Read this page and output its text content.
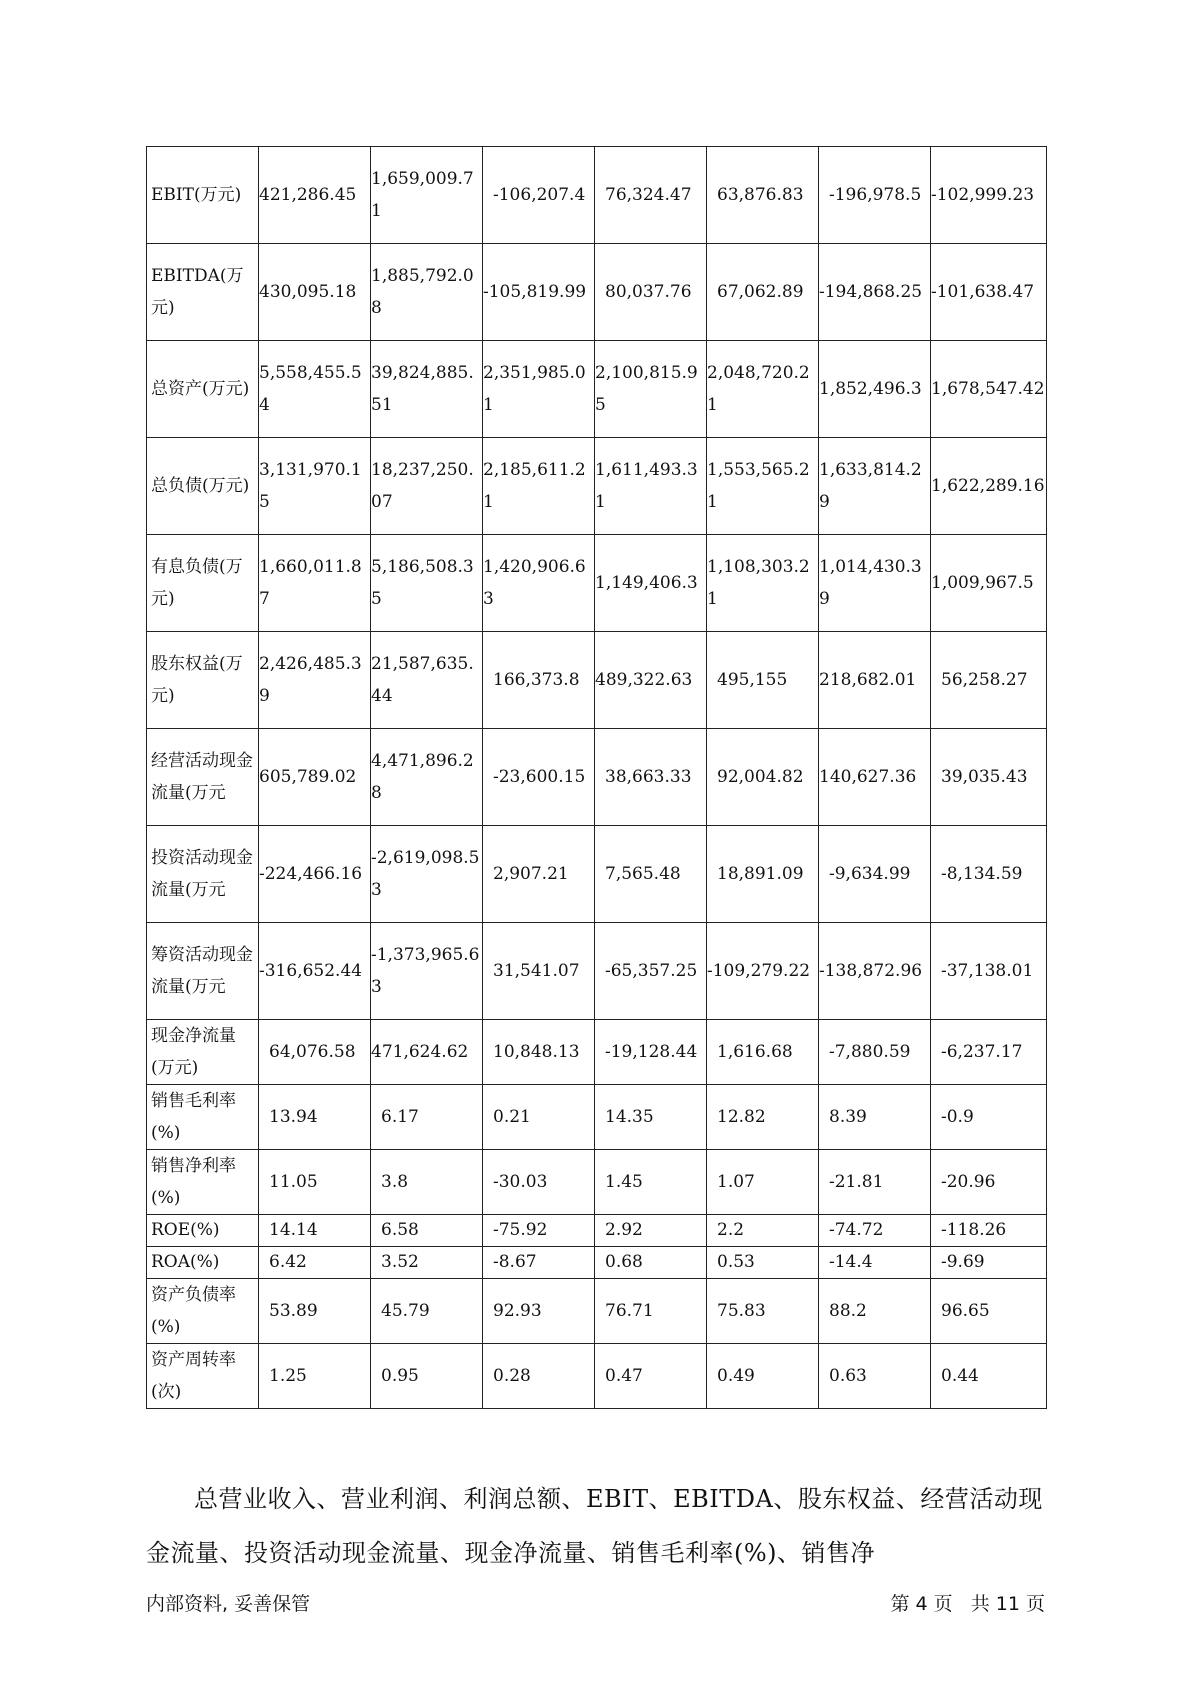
EBIT(万元)	421,286.45	1,659,009.71	-106,207.4	76,324.47	63,876.83	-196,978.5	-102,999.23

EBITDA(万元)	430,095.18	1,885,792.08	-105,819.99	80,037.76	67,062.89	-194,868.25	-101,638.47

总资产(万元)	5,558,455.54	39,824,885.51	2,351,985.01	2,100,815.95	2,048,720.21	1,852,496.3	1,678,547.42

总负债(万元)	3,131,970.15	18,237,250.07	2,185,611.21	1,611,493.31	1,553,565.21	1,633,814.29	1,622,289.16

有息负债(万元)	1,660,011.87	5,186,508.35	1,420,906.63	1,149,406.3	1,108,303.21	1,014,430.39	1,009,967.5

股东权益(万元)	2,426,485.39	21,587,635.44	166,373.8	489,322.63	495,155	218,682.01	56,258.27

经营活动现金流量(万元	605,789.02	4,471,896.28	-23,600.15	38,663.33	92,004.82	140,627.36	39,035.43

投资活动现金流量(万元	-224,466.16	-2,619,098.53	2,907.21	7,565.48	18,891.09	-9,634.99	-8,134.59

筹资活动现金流量(万元	-316,652.44	-1,373,965.63	31,541.07	-65,357.25	-109,279.22	-138,872.96	-37,138.01

现金净流量(万元)	64,076.58	471,624.62	10,848.13	-19,128.44	1,616.68	-7,880.59	-6,237.17

销售毛利率(%)	13.94	6.17	0.21	14.35	12.82	8.39	-0.9

销售净利率(%)	11.05	3.8	-30.03	1.45	1.07	-21.81	-20.96

ROE(%)	14.14	6.58	-75.92	2.92	2.2	-74.72	-118.26

ROA(%)	6.42	3.52	-8.67	0.68	0.53	-14.4	-9.69

资产负债率(%)	53.89	45.79	92.93	76.71	75.83	88.2	96.65

资产周转率(次)	1.25	0.95	0.28	0.47	0.49	0.63	0.44

总营业收入、营业利润、利润总额、EBIT、EBITDA、股东权益、经营活动现金流量、投资活动现金流量、现金净流量、销售毛利率(%)、销售净

内部资料, 妥善保管	第 4 页   共 11 页
